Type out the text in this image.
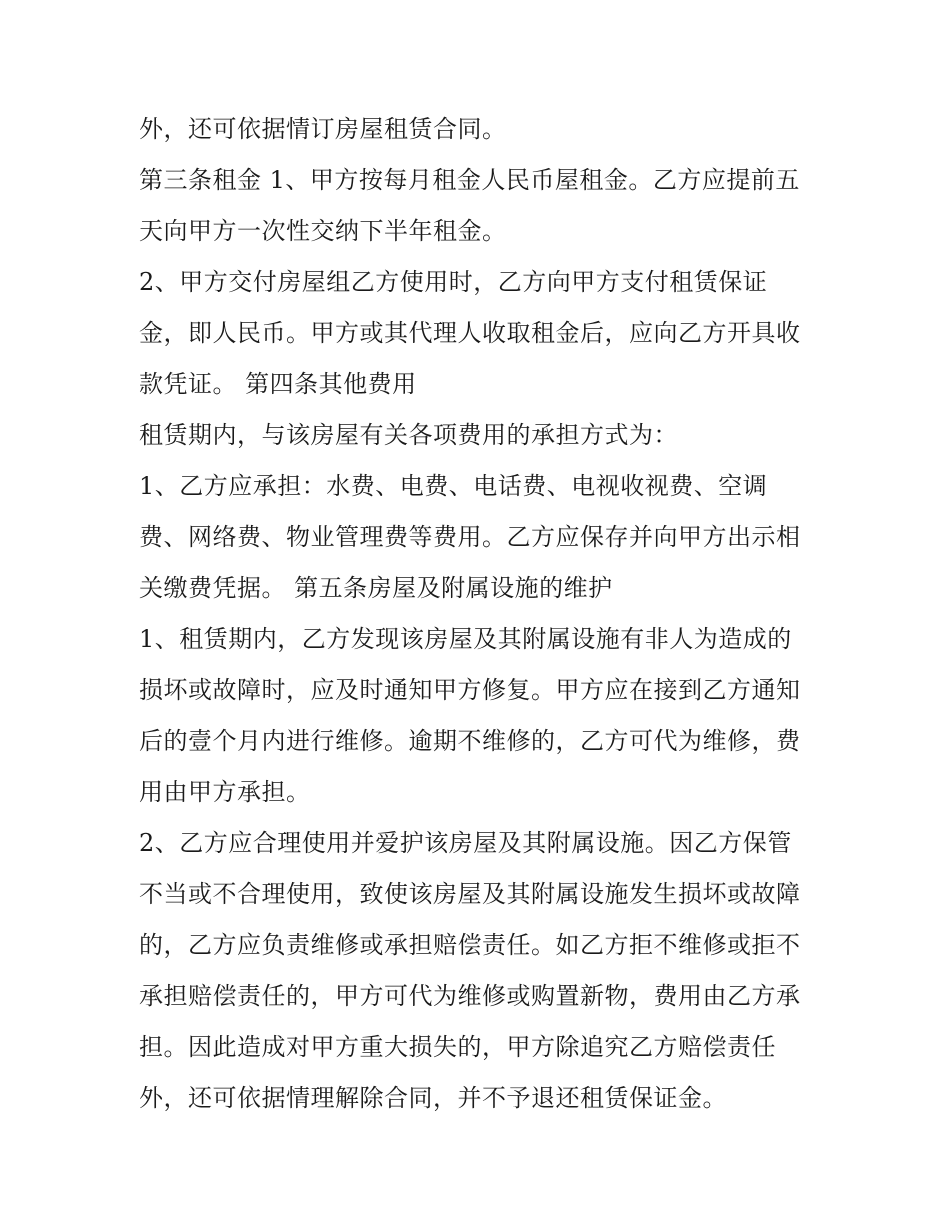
外，还可依据情订房屋租赁合同。
第三条租金 1、甲方按每月租金人民币屋租金。乙方应提前五
天向甲方一次性交纳下半年租金。
2、甲方交付房屋组乙方使用时，乙方向甲方支付租赁保证
金，即人民币。甲方或其代理人收取租金后，应向乙方开具收
款凭证。 第四条其他费用
租赁期内，与该房屋有关各项费用的承担方式为：
1、乙方应承担：水费、电费、电话费、电视收视费、空调
费、网络费、物业管理费等费用。乙方应保存并向甲方出示相
关缴费凭据。 第五条房屋及附属设施的维护
1、租赁期内，乙方发现该房屋及其附属设施有非人为造成的
损坏或故障时，应及时通知甲方修复。甲方应在接到乙方通知
后的壹个月内进行维修。逾期不维修的，乙方可代为维修，费
用由甲方承担。
2、乙方应合理使用并爱护该房屋及其附属设施。因乙方保管
不当或不合理使用，致使该房屋及其附属设施发生损坏或故障
的，乙方应负责维修或承担赔偿责任。如乙方拒不维修或拒不
承担赔偿责任的，甲方可代为维修或购置新物，费用由乙方承
担。因此造成对甲方重大损失的，甲方除追究乙方赔偿责任
外，还可依据情理解除合同，并不予退还租赁保证金。
